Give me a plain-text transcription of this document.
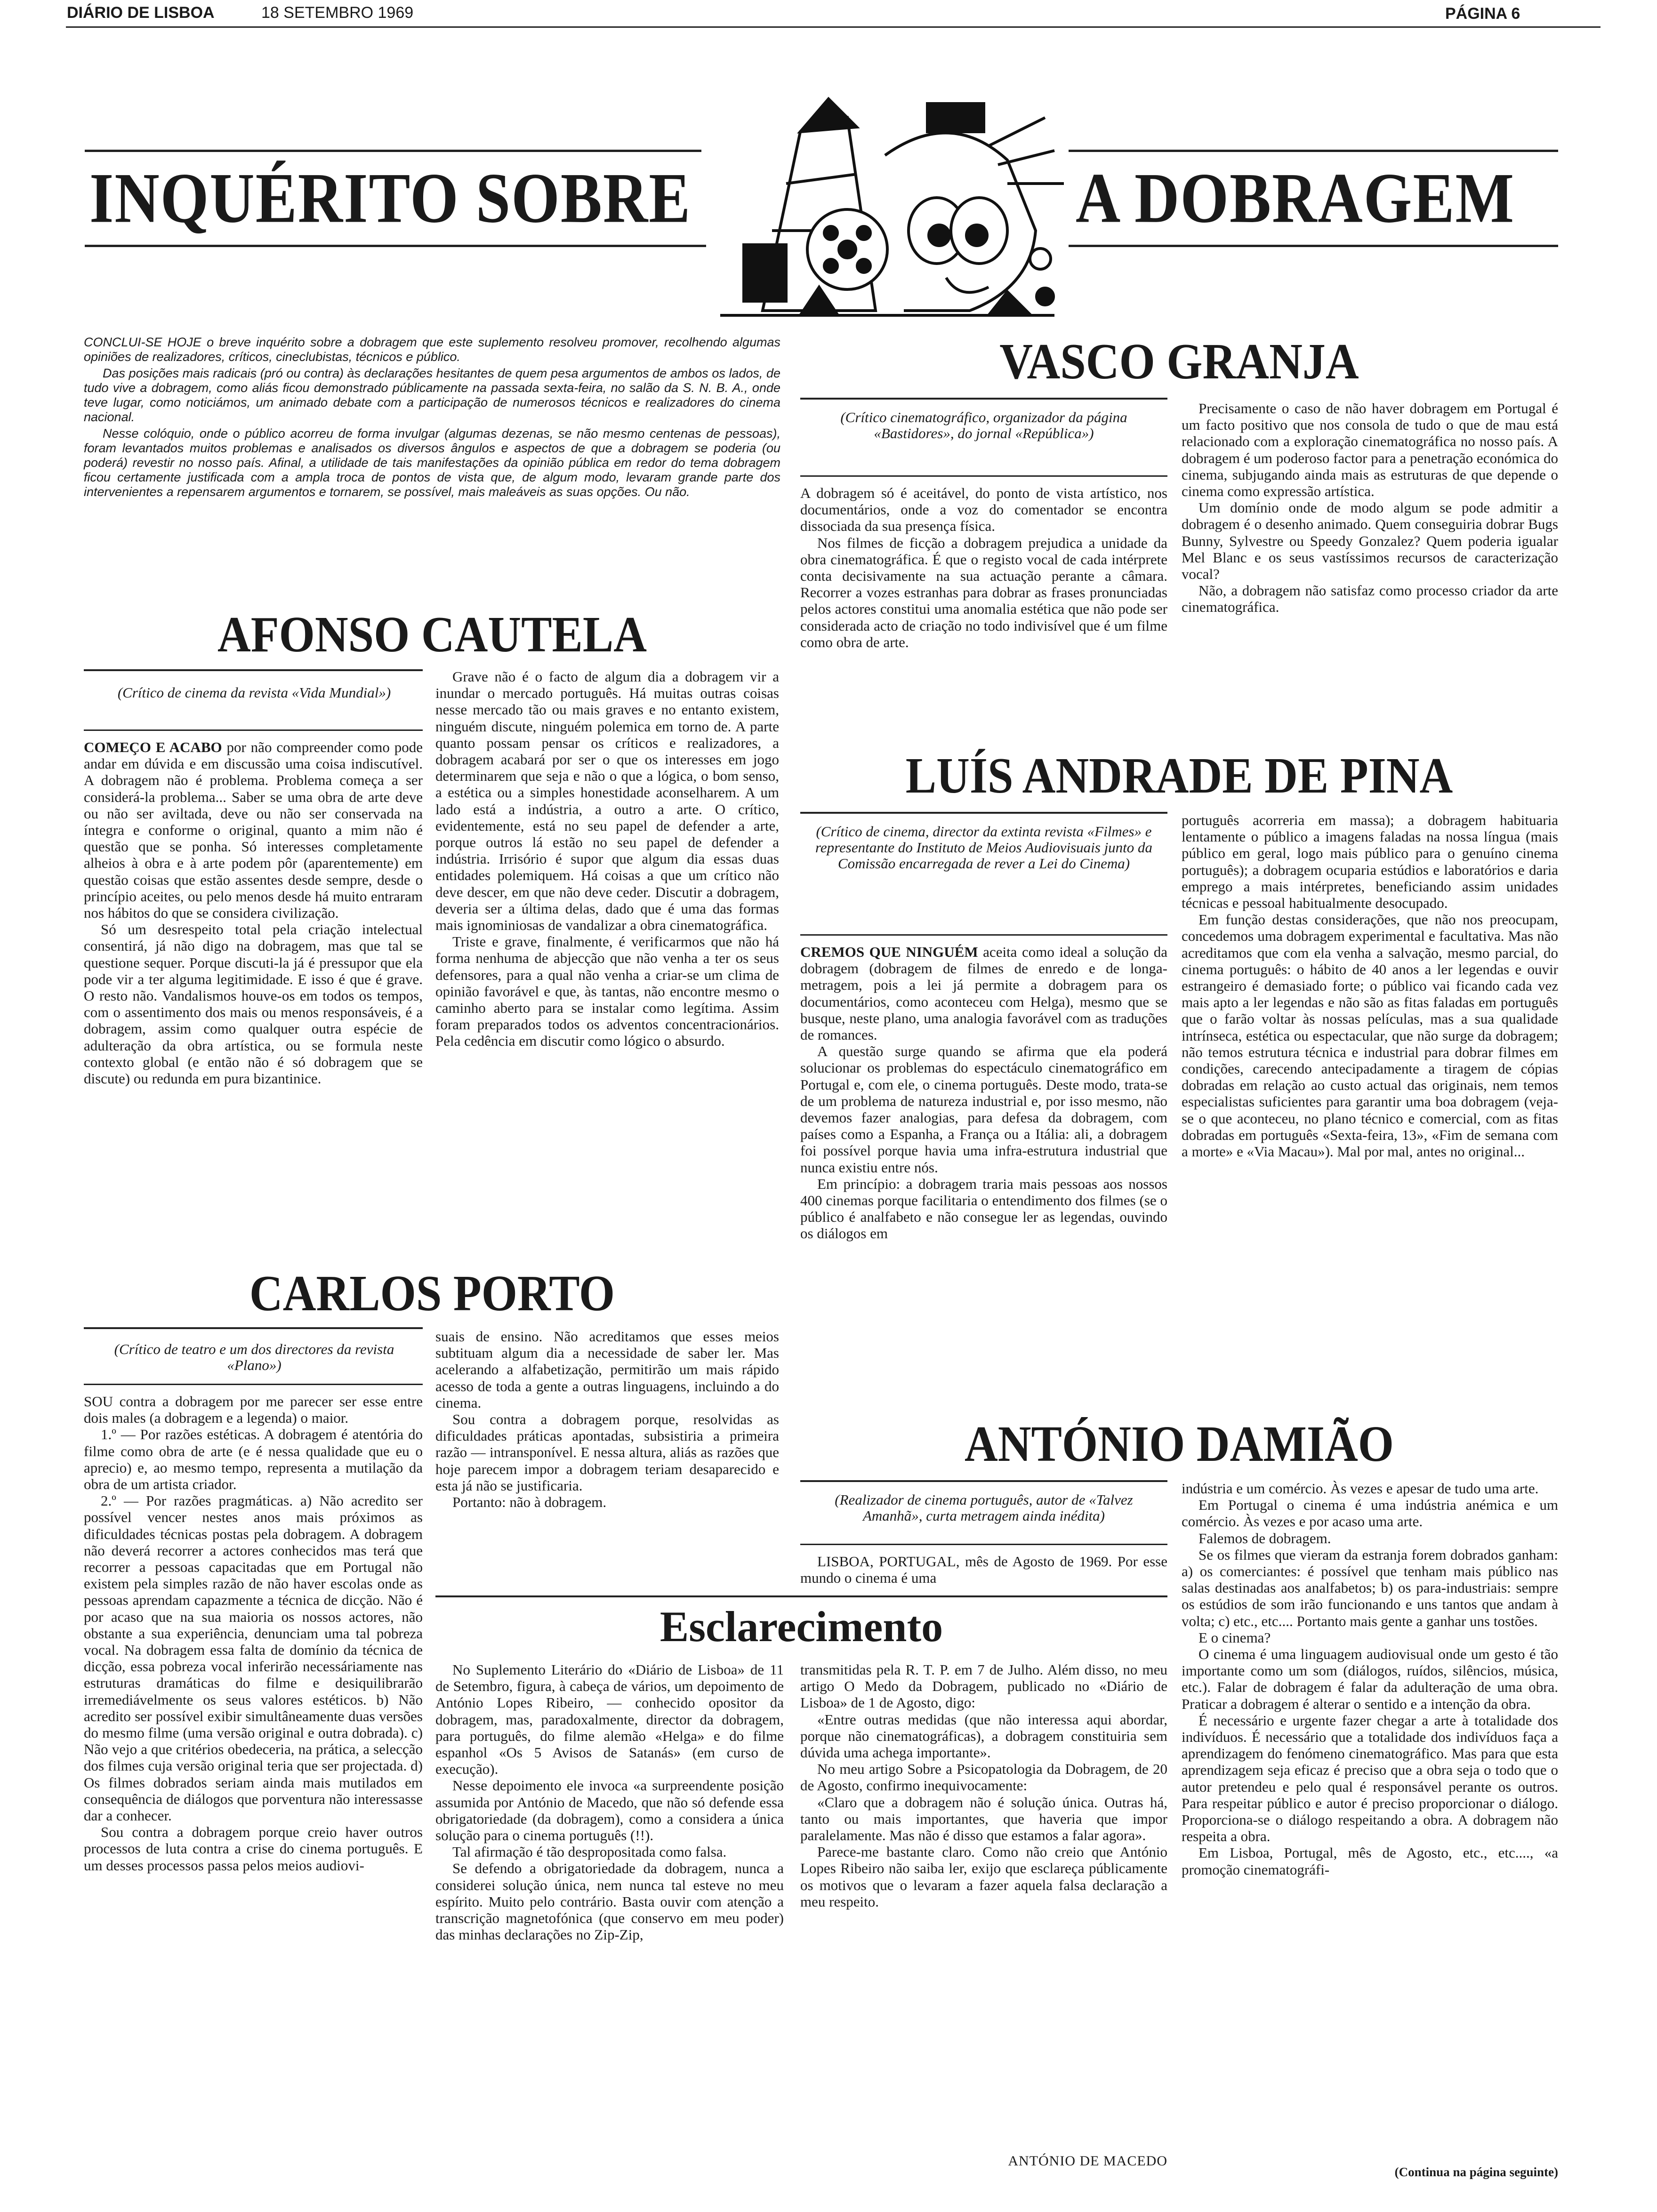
DIÁRIO DE LISBOA	18 SETEMBRO 1969	PÁGINA 6
INQUÉRITO SOBRE	A DOBRAGEM

CONCLUI-SE HOJE o breve inquérito sobre a dobragem que este suplemento resolveu promover, recolhendo algumas opiniões de realizadores, críticos, cineclubistas, técnicos e público.

Das posições mais radicais (pró ou contra) às declarações hesitantes de quem pesa argumentos de ambos os lados, de tudo vive a dobragem, como aliás ficou demonstrado públicamente na passada sexta-feira, no salão da S. N. B. A., onde teve lugar, como noticiámos, um animado debate com a participação de numerosos técnicos e realizadores do cinema nacional.

Nesse colóquio, onde o público acorreu de forma invulgar (algumas dezenas, se não mesmo centenas de pessoas), foram levantados muitos problemas e analisados os diversos ângulos e aspectos de que a dobragem se poderia (ou poderá) revestir no nosso país. Afinal, a utilidade de tais manifestações da opinião pública em redor do tema dobragem ficou certamente justificada com a ampla troca de pontos de vista que, de algum modo, levaram grande parte dos intervenientes a repensarem argumentos e tornarem, se possível, mais maleáveis as suas opções. Ou não.

AFONSO CAUTELA
(Crítico de cinema da revista «Vida Mundial»)

COMEÇO E ACABO por não compreender como pode andar em dúvida e em discussão uma coisa indiscutível. A dobragem não é problema. Problema começa a ser considerá-la problema... Saber se uma obra de arte deve ou não ser aviltada, deve ou não ser conservada na íntegra e conforme o original, quanto a mim não é questão que se ponha. Só interesses completamente alheios à obra e à arte podem pôr (aparentemente) em questão coisas que estão assentes desde sempre, desde o princípio aceites, ou pelo menos desde há muito entraram nos hábitos do que se considera civilização.

Só um desrespeito total pela criação intelectual consentirá, já não digo na dobragem, mas que tal se questione sequer. Porque discuti-la já é pressupor que ela pode vir a ter alguma legitimidade. E isso é que é grave. O resto não. Vandalismos houve-os em todos os tempos, com o assentimento dos mais ou menos responsáveis, é a dobragem, assim como qualquer outra espécie de adulteração da obra artística, ou se formula neste contexto global (e então não é só dobragem que se discute) ou redunda em pura bizantinice.

Grave não é o facto de algum dia a dobragem vir a inundar o mercado português. Há muitas outras coisas nesse mercado tão ou mais graves e no entanto existem, ninguém discute, ninguém polemica em torno de. A parte quanto possam pensar os críticos e realizadores, a dobragem acabará por ser o que os interesses em jogo determinarem que seja e não o que a lógica, o bom senso, a estética ou a simples honestidade aconselharem. A um lado está a indústria, a outro a arte. O crítico, evidentemente, está no seu papel de defender a arte, porque outros lá estão no seu papel de defender a indústria. Irrisório é supor que algum dia essas duas entidades polemiquem. Há coisas a que um crítico não deve descer, em que não deve ceder. Discutir a dobragem, deveria ser a última delas, dado que é uma das formas mais ignominiosas de vandalizar a obra cinematográfica.

Triste e grave, finalmente, é verificarmos que não há forma nenhuma de abjecção que não venha a ter os seus defensores, para a qual não venha a criar-se um clima de opinião favorável e que, às tantas, não encontre mesmo o caminho aberto para se instalar como legítima. Assim foram preparados todos os adventos concentracionários. Pela cedência em discutir como lógico o absurdo.

CARLOS PORTO
(Crítico de teatro e um dos directores da revista «Plano»)

SOU contra a dobragem por me parecer ser esse entre dois males (a dobragem e a legenda) o maior.

1.º — Por razões estéticas. A dobragem é atentória do filme como obra de arte (e é nessa qualidade que eu o aprecio) e, ao mesmo tempo, representa a mutilação da obra de um artista criador.

2.º — Por razões pragmáticas. a) Não acredito ser possível vencer nestes anos mais próximos as dificuldades técnicas postas pela dobragem. A dobragem não deverá recorrer a actores conhecidos mas terá que recorrer a pessoas capacitadas que em Portugal não existem pela simples razão de não haver escolas onde as pessoas aprendam capazmente a técnica de dicção. Não é por acaso que na sua maioria os nossos actores, não obstante a sua experiência, denunciam uma tal pobreza vocal. Na dobragem essa falta de domínio da técnica de dicção, essa pobreza vocal inferirão necessáriamente nas estruturas dramáticas do filme e desiquilibrarão irremediávelmente os seus valores estéticos. b) Não acredito ser possível exibir simultâneamente duas versões do mesmo filme (uma versão original e outra dobrada). c) Não vejo a que critérios obedeceria, na prática, a selecção dos filmes cuja versão original teria que ser projectada. d) Os filmes dobrados seriam ainda mais mutilados em consequência de diálogos que porventura não interessasse dar a conhecer.

Sou contra a dobragem porque creio haver outros processos de luta contra a crise do cinema português. E um desses processos passa pelos meios audiovi-

suais de ensino. Não acreditamos que esses meios subtituam algum dia a necessidade de saber ler. Mas acelerando a alfabetização, permitirão um mais rápido acesso de toda a gente a outras linguagens, incluindo a do cinema.

Sou contra a dobragem porque, resolvidas as dificuldades práticas apontadas, subsistiria a primeira razão — intransponível. E nessa altura, aliás as razões que hoje parecem impor a dobragem teriam desaparecido e esta já não se justificaria.

Portanto: não à dobragem.

VASCO GRANJA
(Crítico cinematográfico, organizador da página «Bastidores», do jornal «República»)

A dobragem só é aceitável, do ponto de vista artístico, nos documentários, onde a voz do comentador se encontra dissociada da sua presença física.

Nos filmes de ficção a dobragem prejudica a unidade da obra cinematográfica. É que o registo vocal de cada intérprete conta decisivamente na sua actuação perante a câmara. Recorrer a vozes estranhas para dobrar as frases pronunciadas pelos actores constitui uma anomalia estética que não pode ser considerada acto de criação no todo indivisível que é um filme como obra de arte.

Precisamente o caso de não haver dobragem em Portugal é um facto positivo que nos consola de tudo o que de mau está relacionado com a exploração cinematográfica no nosso país. A dobragem é um poderoso factor para a penetração económica do cinema, subjugando ainda mais as estruturas de que depende o cinema como expressão artística.

Um domínio onde de modo algum se pode admitir a dobragem é o desenho animado. Quem conseguiria dobrar Bugs Bunny, Sylvestre ou Speedy Gonzalez? Quem poderia igualar Mel Blanc e os seus vastíssimos recursos de caracterização vocal?

Não, a dobragem não satisfaz como processo criador da arte cinematográfica.

LUÍS ANDRADE DE PINA
(Crítico de cinema, director da extinta revista «Filmes» e representante do Instituto de Meios Audiovisuais junto da Comissão encarregada de rever a Lei do Cinema)

CREMOS QUE NINGUÉM aceita como ideal a solução da dobragem (dobragem de filmes de enredo e de longa-metragem, pois a lei já permite a dobragem para os documentários, como aconteceu com Helga), mesmo que se busque, neste plano, uma analogia favorável com as traduções de romances.

A questão surge quando se afirma que ela poderá solucionar os problemas do espectáculo cinematográfico em Portugal e, com ele, o cinema português. Deste modo, trata-se de um problema de natureza industrial e, por isso mesmo, não devemos fazer analogias, para defesa da dobragem, com países como a Espanha, a França ou a Itália: ali, a dobragem foi possível porque havia uma infra-estrutura industrial que nunca existiu entre nós.

Em princípio: a dobragem traria mais pessoas aos nossos 400 cinemas porque facilitaria o entendimento dos filmes (se o público é analfabeto e não consegue ler as legendas, ouvindo os diálogos em

português acorreria em massa); a dobragem habituaria lentamente o público a imagens faladas na nossa língua (mais público em geral, logo mais público para o genuíno cinema português); a dobragem ocuparia estúdios e laboratórios e daria emprego a mais intérpretes, beneficiando assim unidades técnicas e pessoal habitualmente desocupado.

Em função destas considerações, que não nos preocupam, concedemos uma dobragem experimental e facultativa. Mas não acreditamos que com ela venha a salvação, mesmo parcial, do cinema português: o hábito de 40 anos a ler legendas e ouvir estrangeiro é demasiado forte; o público vai ficando cada vez mais apto a ler legendas e não são as fitas faladas em português que o farão voltar às nossas películas, mas a sua qualidade intrínseca, estética ou espectacular, que não surge da dobragem; não temos estrutura técnica e industrial para dobrar filmes em condições, carecendo antecipadamente a tiragem de cópias dobradas em relação ao custo actual das originais, nem temos especialistas suficientes para garantir uma boa dobragem (veja-se o que aconteceu, no plano técnico e comercial, com as fitas dobradas em português «Sexta-feira, 13», «Fim de semana com a morte» e «Via Macau»). Mal por mal, antes no original...

ANTÓNIO DAMIÃO
(Realizador de cinema português, autor de «Talvez Amanhã», curta metragem ainda inédita)

LISBOA, PORTUGAL, mês de Agosto de 1969. Por esse mundo o cinema é uma

indústria e um comércio. Às vezes e apesar de tudo uma arte.

Em Portugal o cinema é uma indústria anémica e um comércio. Às vezes e por acaso uma arte.

Falemos de dobragem.

Se os filmes que vieram da estranja forem dobrados ganham: a) os comerciantes: é possível que tenham mais público nas salas destinadas aos analfabetos; b) os para-industriais: sempre os estúdios de som irão funcionando e uns tantos que andam à volta; c) etc., etc.... Portanto mais gente a ganhar uns tostões.

E o cinema?

O cinema é uma linguagem audiovisual onde um gesto é tão importante como um som (diálogos, ruídos, silêncios, música, etc.). Falar de dobragem é falar da adulteração de uma obra. Praticar a dobragem é alterar o sentido e a intenção da obra.

É necessário e urgente fazer chegar a arte à totalidade dos indivíduos. É necessário que a totalidade dos indivíduos faça a aprendizagem do fenómeno cinematográfico. Mas para que esta aprendizagem seja eficaz é preciso que a obra seja o todo que o autor pretendeu e pelo qual é responsável perante os outros. Para respeitar público e autor é preciso proporcionar o diálogo. Proporciona-se o diálogo respeitando a obra. A dobragem não respeita a obra.

Em Lisboa, Portugal, mês de Agosto, etc., etc...., «a promoção cinematográfi-

(Continua na página seguinte)
Esclarecimento

No Suplemento Literário do «Diário de Lisboa» de 11 de Setembro, figura, à cabeça de vários, um depoimento de António Lopes Ribeiro, — conhecido opositor da dobragem, mas, paradoxalmente, director da dobragem, para português, do filme alemão «Helga» e do filme espanhol «Os 5 Avisos de Satanás» (em curso de execução).

Nesse depoimento ele invoca «a surpreendente posição assumida por António de Macedo, que não só defende essa obrigatoriedade (da dobragem), como a considera a única solução para o cinema português (!!).

Tal afirmação é tão despropositada como falsa.

Se defendo a obrigatoriedade da dobragem, nunca a considerei solução única, nem nunca tal esteve no meu espírito. Muito pelo contrário. Basta ouvir com atenção a transcrição magnetofónica (que conservo em meu poder) das minhas declarações no Zip-Zip,

transmitidas pela R. T. P. em 7 de Julho. Além disso, no meu artigo O Medo da Dobragem, publicado no «Diário de Lisboa» de 1 de Agosto, digo:

«Entre outras medidas (que não interessa aqui abordar, porque não cinematográficas), a dobragem constituiria sem dúvida uma achega importante».

No meu artigo Sobre a Psicopatologia da Dobragem, de 20 de Agosto, confirmo inequivocamente:

«Claro que a dobragem não é solução única. Outras há, tanto ou mais importantes, que haveria que impor paralelamente. Mas não é disso que estamos a falar agora».

Parece-me bastante claro. Como não creio que António Lopes Ribeiro não saiba ler, exijo que esclareça públicamente os motivos que o levaram a fazer aquela falsa declaração a meu respeito.

ANTÓNIO DE MACEDO
